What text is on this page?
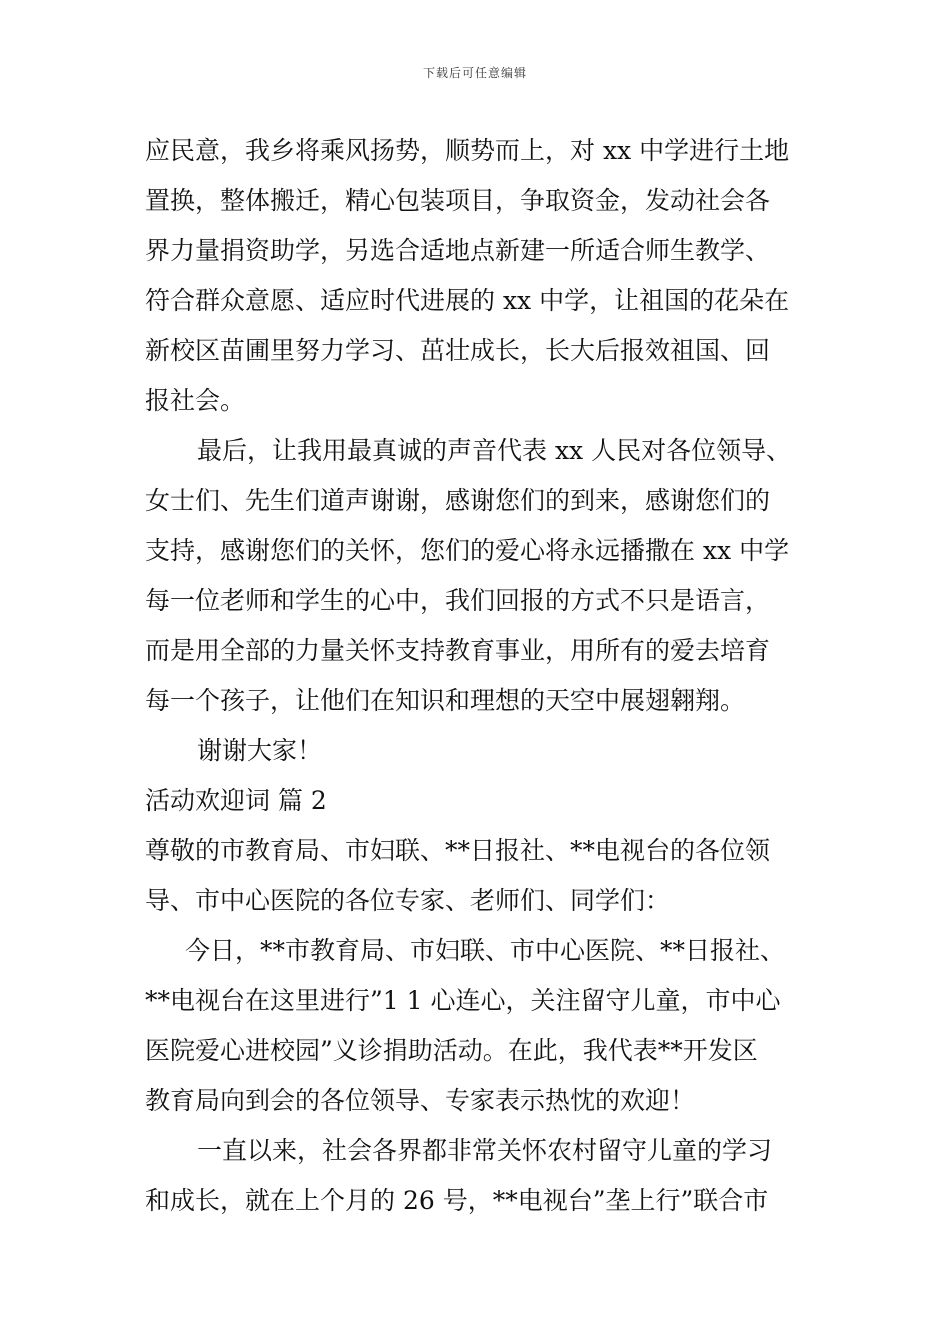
下载后可任意编辑
应民意，我乡将乘风扬势，顺势而上，对 xx 中学进行土地
置换，整体搬迁，精心包装项目，争取资金，发动社会各
界力量捐资助学，另选合适地点新建一所适合师生教学、
符合群众意愿、适应时代进展的 xx 中学，让祖国的花朵在
新校区苗圃里努力学习、茁壮成长，长大后报效祖国、回
报社会。
最后，让我用最真诚的声音代表 xx 人民对各位领导、
女士们、先生们道声谢谢，感谢您们的到来，感谢您们的
支持，感谢您们的关怀，您们的爱心将永远播撒在 xx 中学
每一位老师和学生的心中，我们回报的方式不只是语言，
而是用全部的力量关怀支持教育事业，用所有的爱去培育
每一个孩子，让他们在知识和理想的天空中展翅翱翔。
谢谢大家！
活动欢迎词 篇 2
尊敬的市教育局、市妇联、**日报社、**电视台的各位领
导、市中心医院的各位专家、老师们、同学们：
今日，**市教育局、市妇联、市中心医院、**日报社、
**电视台在这里进行”1 1 心连心，关注留守儿童，市中心
医院爱心进校园”义诊捐助活动。在此，我代表**开发区
教育局向到会的各位领导、专家表示热忱的欢迎！
一直以来，社会各界都非常关怀农村留守儿童的学习
和成长，就在上个月的 26 号，**电视台”垄上行”联合市
